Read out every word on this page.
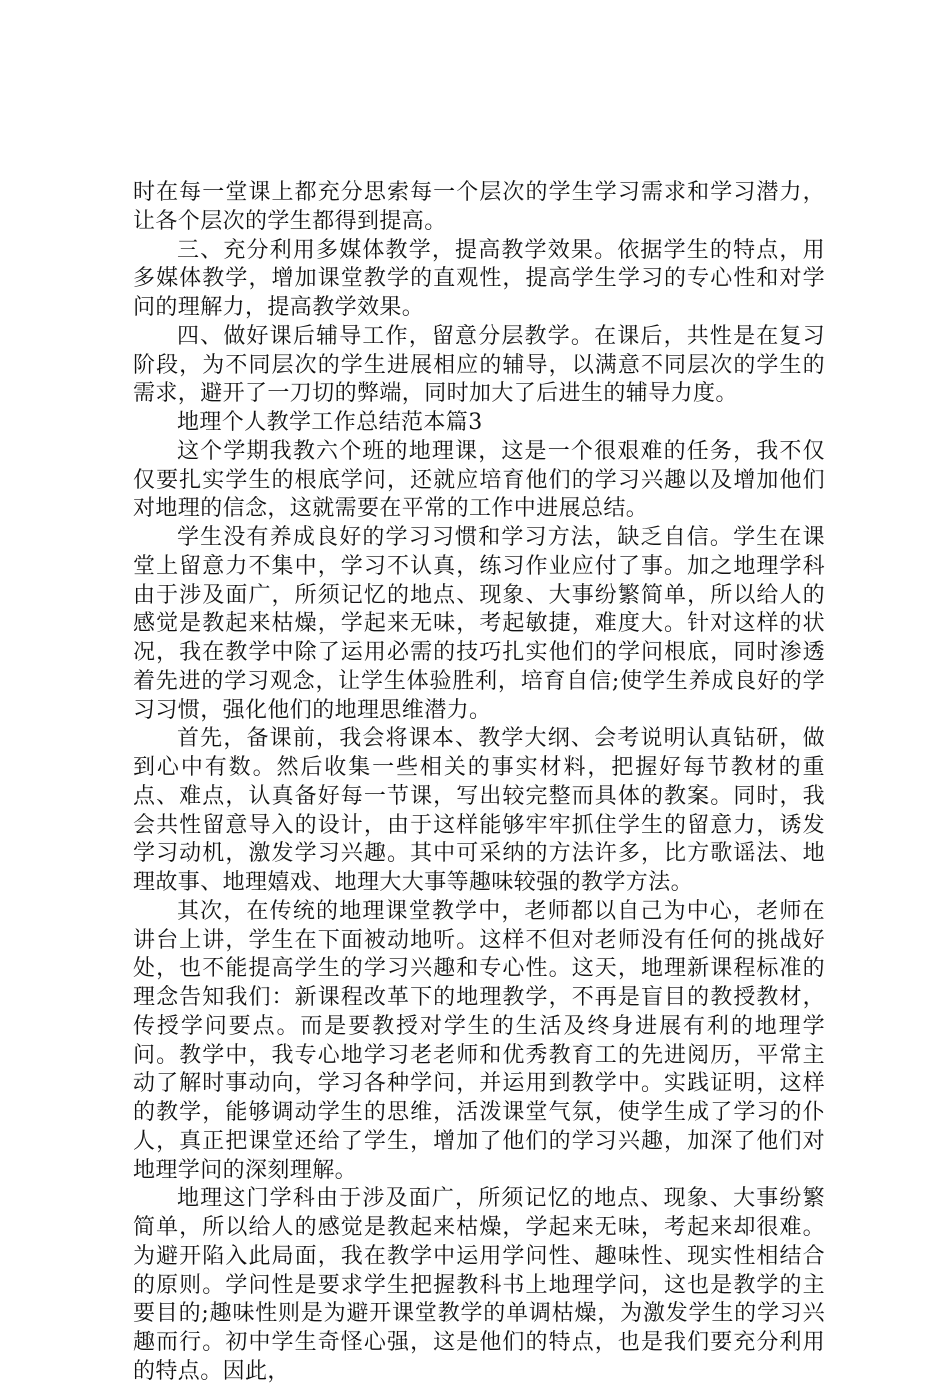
时在每一堂课上都充分思索每一个层次的学生学习需求和学习潜力，让各个层次的学生都得到提高。

三、充分利用多媒体教学，提高教学效果。依据学生的特点，用多媒体教学，增加课堂教学的直观性，提高学生学习的专心性和对学问的理解力，提高教学效果。

四、做好课后辅导工作，留意分层教学。在课后，共性是在复习阶段，为不同层次的学生进展相应的辅导，以满意不同层次的学生的需求，避开了一刀切的弊端，同时加大了后进生的辅导力度。

地理个人教学工作总结范本篇3

这个学期我教六个班的地理课，这是一个很艰难的任务，我不仅仅要扎实学生的根底学问，还就应培育他们的学习兴趣以及增加他们对地理的信念，这就需要在平常的工作中进展总结。

学生没有养成良好的学习习惯和学习方法，缺乏自信。学生在课堂上留意力不集中，学习不认真，练习作业应付了事。加之地理学科由于涉及面广，所须记忆的地点、现象、大事纷繁简单，所以给人的感觉是教起来枯燥，学起来无味，考起敏捷，难度大。针对这样的状况，我在教学中除了运用必需的技巧扎实他们的学问根底，同时渗透着先进的学习观念，让学生体验胜利，培育自信;使学生养成良好的学习习惯，强化他们的地理思维潜力。

首先，备课前，我会将课本、教学大纲、会考说明认真钻研，做到心中有数。然后收集一些相关的事实材料，把握好每节教材的重点、难点，认真备好每一节课，写出较完整而具体的教案。同时，我会共性留意导入的设计，由于这样能够牢牢抓住学生的留意力，诱发学习动机，激发学习兴趣。其中可采纳的方法许多，比方歌谣法、地理故事、地理嬉戏、地理大大事等趣味较强的教学方法。

其次，在传统的地理课堂教学中，老师都以自己为中心，老师在讲台上讲，学生在下面被动地听。这样不但对老师没有任何的挑战好处，也不能提高学生的学习兴趣和专心性。这天，地理新课程标准的理念告知我们：新课程改革下的地理教学，不再是盲目的教授教材，传授学问要点。而是要教授对学生的生活及终身进展有利的地理学问。教学中，我专心地学习老老师和优秀教育工的先进阅历，平常主动了解时事动向，学习各种学问，并运用到教学中。实践证明，这样的教学，能够调动学生的思维，活泼课堂气氛，使学生成了学习的仆人，真正把课堂还给了学生，增加了他们的学习兴趣，加深了他们对地理学问的深刻理解。

地理这门学科由于涉及面广，所须记忆的地点、现象、大事纷繁简单，所以给人的感觉是教起来枯燥，学起来无味，考起来却很难。为避开陷入此局面，我在教学中运用学问性、趣味性、现实性相结合的原则。学问性是要求学生把握教科书上地理学问，这也是教学的主要目的;趣味性则是为避开课堂教学的单调枯燥，为激发学生的学习兴趣而行。初中学生奇怪心强，这是他们的特点，也是我们要充分利用的特点。因此，
